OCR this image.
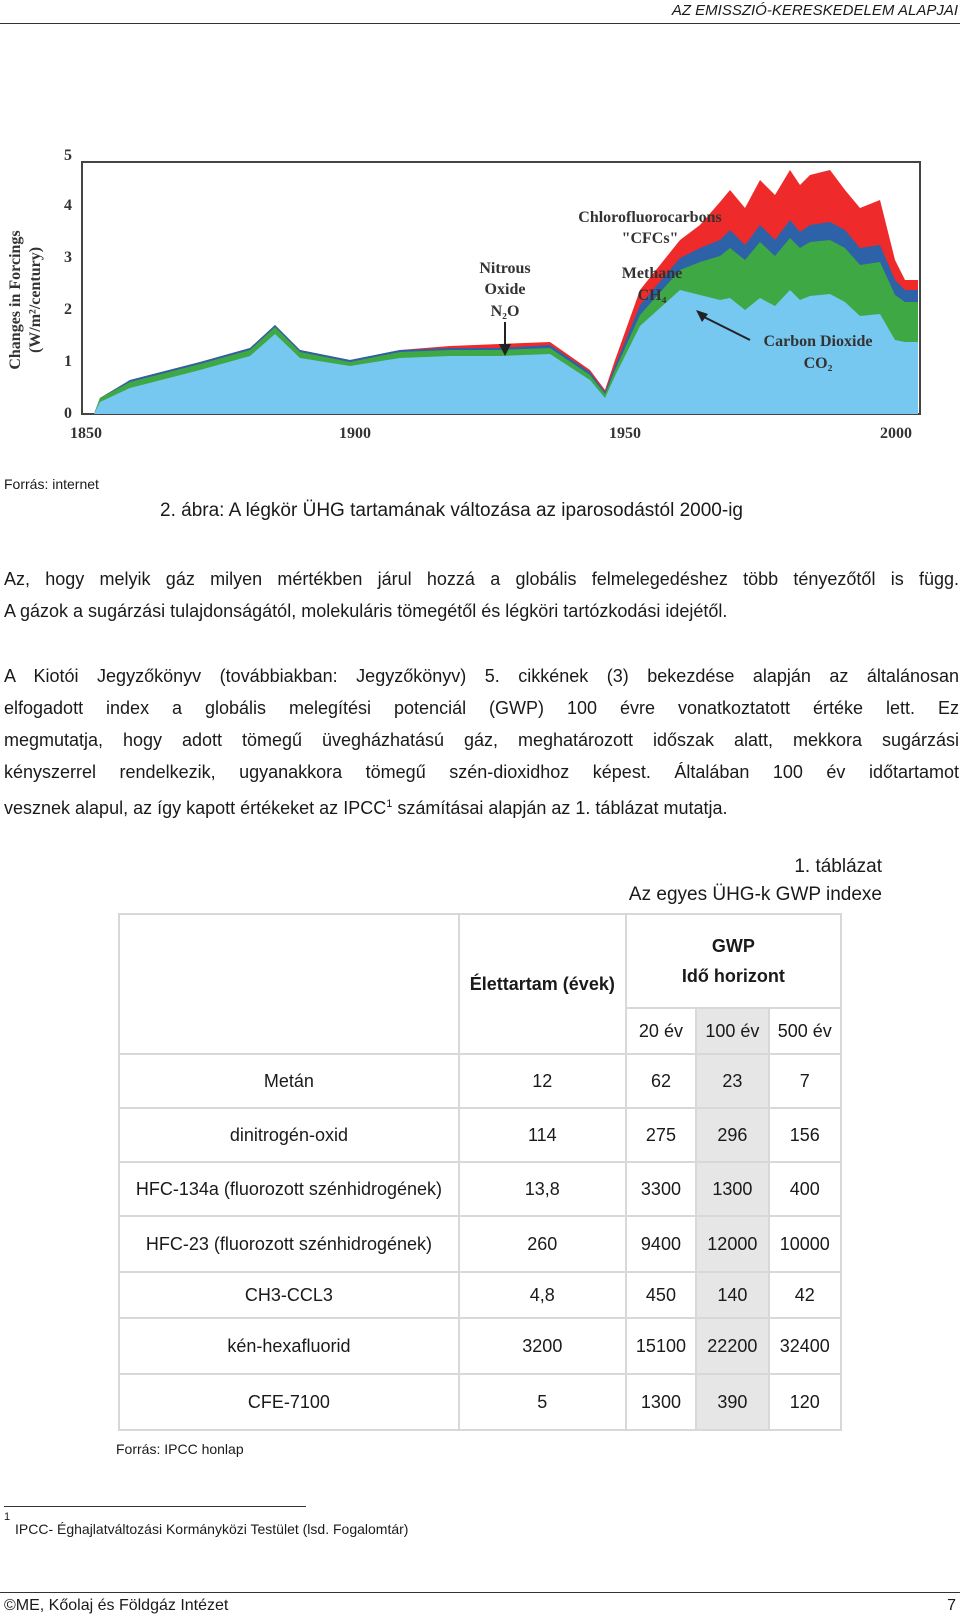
AZ EMISSZIÓ-KERESKEDELEM ALAPJAI
Changes in Forcings (W/m²/century)
0
1
2
3
4
5
1850	1900	1950	2000
Nitrous
Oxide
N₂O
Chlorofluorocarbons
"CFCs"
Methane
CH₄
Carbon Dioxide
CO₂
Forrás: internet
2. ábra: A légkör ÜHG tartamának változása az iparosodástól 2000-ig
Az, hogy melyik gáz milyen mértékben járul hozzá a globális felmelegedéshez több tényezőtől is függ.
A gázok a sugárzási tulajdonságától, molekuláris tömegétől és légköri tartózkodási idejétől.
A Kiotói Jegyzőkönyv (továbbiakban: Jegyzőkönyv) 5. cikkének (3) bekezdése alapján az általánosan
elfogadott index a globális melegítési potenciál (GWP) 100 évre vonatkoztatott értéke lett. Ez
megmutatja, hogy adott tömegű üvegházhatású gáz, meghatározott időszak alatt, mekkora sugárzási
kényszerrel rendelkezik, ugyanakkora tömegű szén-dioxidhoz képest. Általában 100 év időtartamot
vesznek alapul, az így kapott értékeket az IPCC$^1$ számításai alapján az 1. táblázat mutatja.
1. táblázat
Az egyes ÜHG-k GWP indexe
	Élettartam (évek)	GWP
Idő horizont		

		20 év	100 év	500 év
Metán	12	62	23	7
dinitrogén-oxid	114	275	296	156
HFC-134a (fluorozott szénhidrogének)	13,8	3300	1300	400
HFC-23 (fluorozott szénhidrogének)	260	9400	12000	10000
CH3-CCL3	4,8	450	140	42
kén-hexafluorid	3200	15100	22200	32400
CFE-7100	5	1300	390	120
Forrás: IPCC honlap
1
IPCC- Éghajlatváltozási Kormányközi Testület (lsd. Fogalomtár)
©ME, Kőolaj és Földgáz Intézet	7
